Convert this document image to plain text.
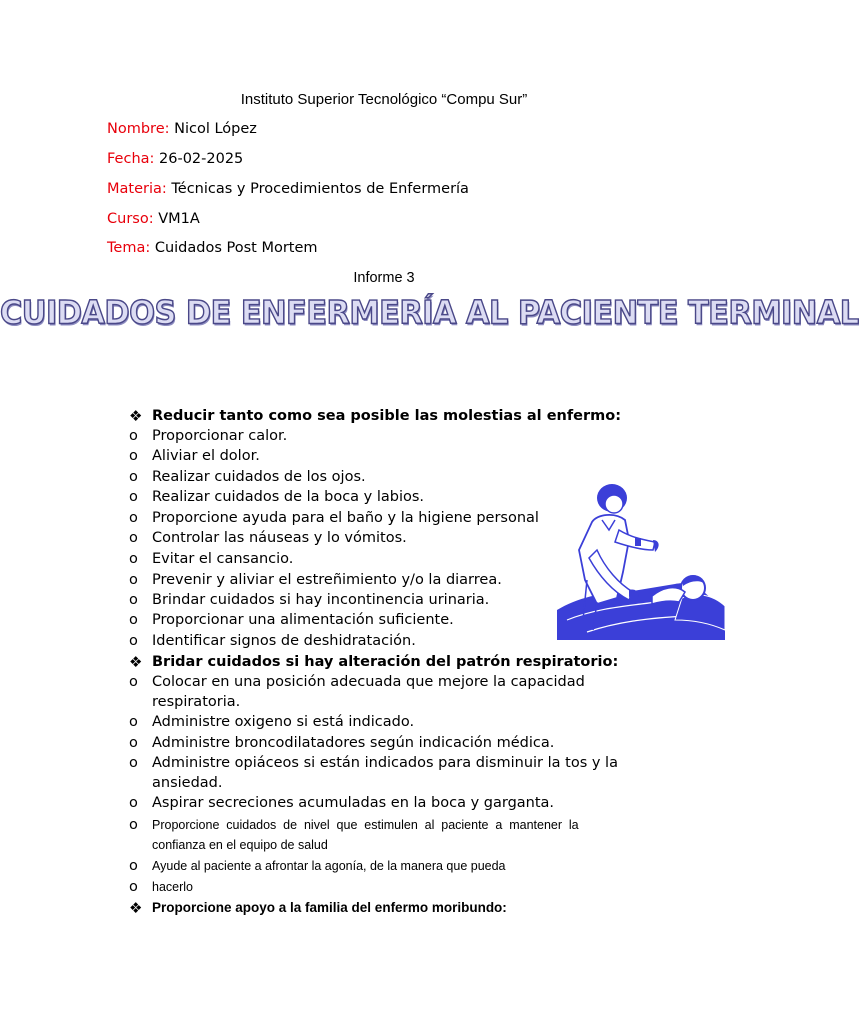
Instituto Superior Tecnológico “Compu Sur”
Nombre: Nicol López
Fecha: 26-02-2025
Materia: Técnicas y Procedimientos de Enfermería
Curso: VM1A
Tema: Cuidados Post Mortem
Informe 3
CUIDADOS DE ENFERMERÍA AL PACIENTE TERMINAL
❖ Reducir tanto como sea posible las molestias al enfermo:
o Proporcionar calor.
o Aliviar el dolor.
o Realizar cuidados de los ojos.
o Realizar cuidados de la boca y labios.
o Proporcione ayuda para el baño y la higiene personal
o Controlar las náuseas y lo vómitos.
o Evitar el cansancio.
o Prevenir y aliviar el estreñimiento y/o la diarrea.
o Brindar cuidados si hay incontinencia urinaria.
o Proporcionar una alimentación suficiente.
o Identificar signos de deshidratación.
❖ Bridar cuidados si hay alteración del patrón respiratorio:
o Colocar en una posición adecuada que mejore la capacidad
respiratoria.
o Administre oxigeno si está indicado.
o Administre broncodilatadores según indicación médica.
o Administre opiáceos si están indicados para disminuir la tos y la
ansiedad.
o Aspirar secreciones acumuladas en la boca y garganta.
o	Proporcione cuidados de nivel que estimulen al paciente a mantener la
confianza en el equipo de salud
o	Ayude al paciente a afrontar la agonía, de la manera que pueda
o	hacerlo
❖ Proporcione apoyo a la familia del enfermo moribundo:
